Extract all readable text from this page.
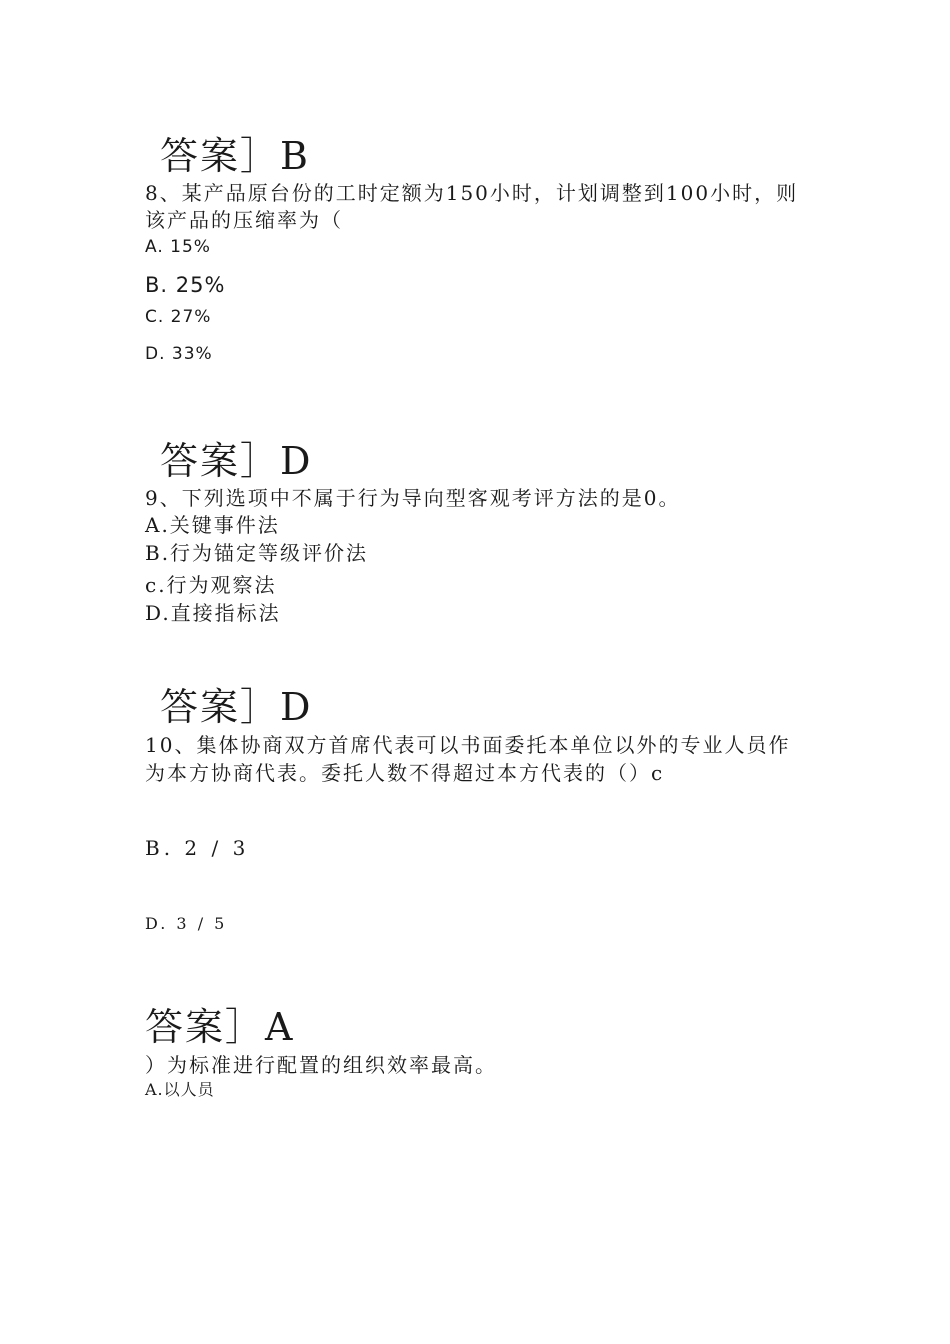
答案］B
8、某产品原台份的工时定额为150小时，计划调整到100小时，则
该产品的压缩率为（
A. 15%
B. 25%
C. 27%
D. 33%
答案］D
9、下列选项中不属于行为导向型客观考评方法的是0。
A.关键事件法
B.行为锚定等级评价法
c.行为观察法
D.直接指标法
答案］D
10、集体协商双方首席代表可以书面委托本单位以外的专业人员作
为本方协商代表。委托人数不得超过本方代表的（）c
B. 2 / 3
D. 3 / 5
答案］A
）为标准进行配置的组织效率最高。
A.以人员
